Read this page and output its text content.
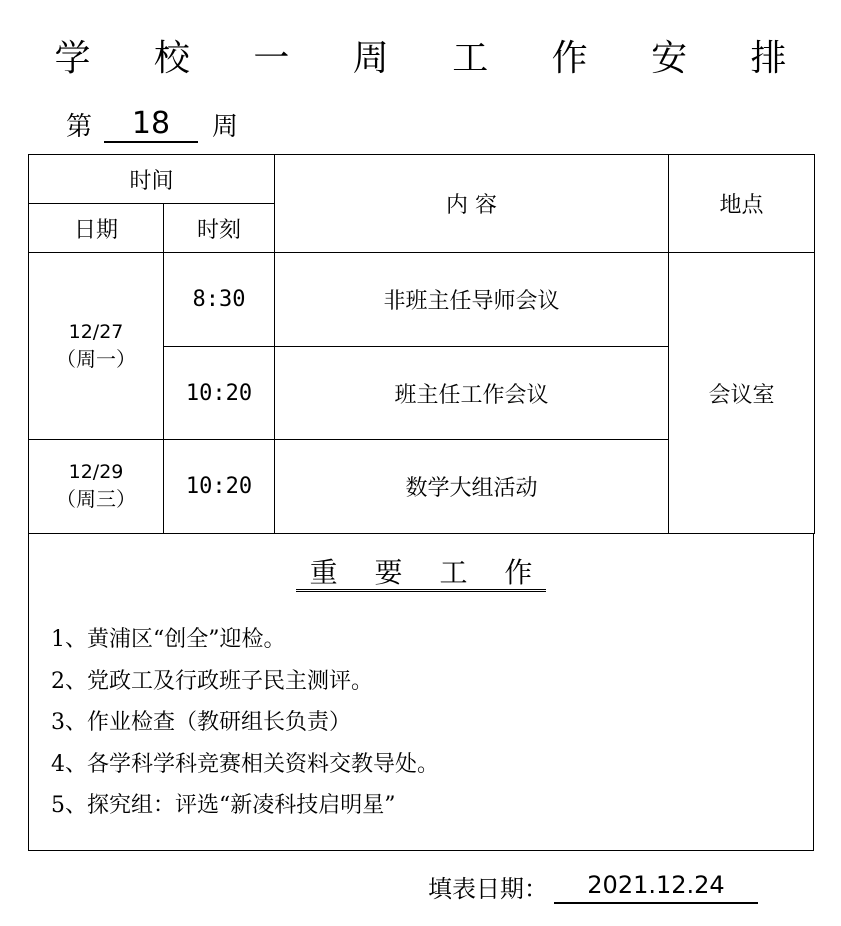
学 校 一 周 工 作 安 排
第	18	周
时间		内 容	地点
日期	时刻		

12/27
（周一）	8:30	非班主任导师会议	会议室
	10:20	班主任工作会议	

12/29
（周三）	10:20	数学大组活动	
重 要 工 作
1、黄浦区“创全”迎检。
2、党政工及行政班子民主测评。
3、作业检查（教研组长负责）
4、各学科学科竞赛相关资料交教导处。
5、探究组：评选“新凌科技启明星”
填表日期：	2021.12.24
